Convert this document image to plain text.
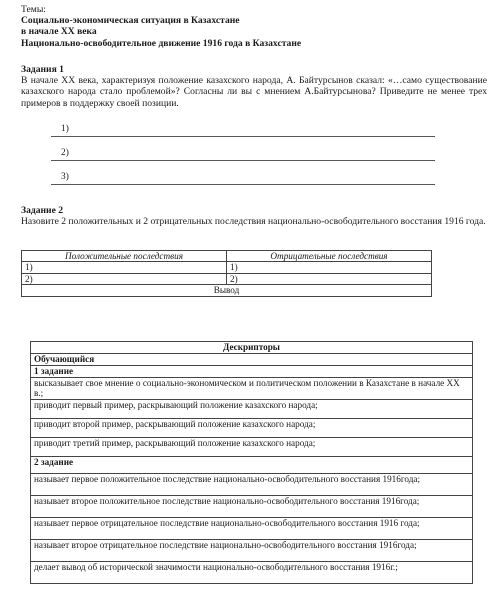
Темы:
Социально-экономическая ситуация в Казахстане
в начале XX века
Национально-освободительное движение 1916 года в Казахстане
Задания 1
В начале XX века, характеризуя положение казахского народа, А. Байтурсынов сказал: «…само существование казахского народа стало проблемой»? Согласны ли вы с мнением А.Байтурсынова? Приведите не менее трех примеров в поддержку своей позиции.
1)
2)
3)
Задание 2
Назовите 2 положительных и 2 отрицательных последствия национально-освободительного восстания 1916 года.
Положительные последствия	Отрицательные последствия
1)	1)
2)	2)
Вывод	
Дескрипторы
Обучающийся
1 задание
высказывает свое мнение о социально-экономическом и политическом положении в Казахстане в начале XX в.;
приводит первый пример, раскрывающий положение казахского народа;
приводит второй пример, раскрывающий положение казахского народа;
приводит третий пример, раскрывающий положение казахского народа;
2 задание
называет первое положительное последствие национально-освободительного восстания 1916года;
называет второе положительное последствие национально-освободительного восстания 1916года;
называет первое отрицательное последствие национально-освободительного восстания 1916 года;
называет второе отрицательное последствие национально-освободительного восстания 1916года;
делает вывод об исторической значимости национально-освободительного восстания 1916г.;
